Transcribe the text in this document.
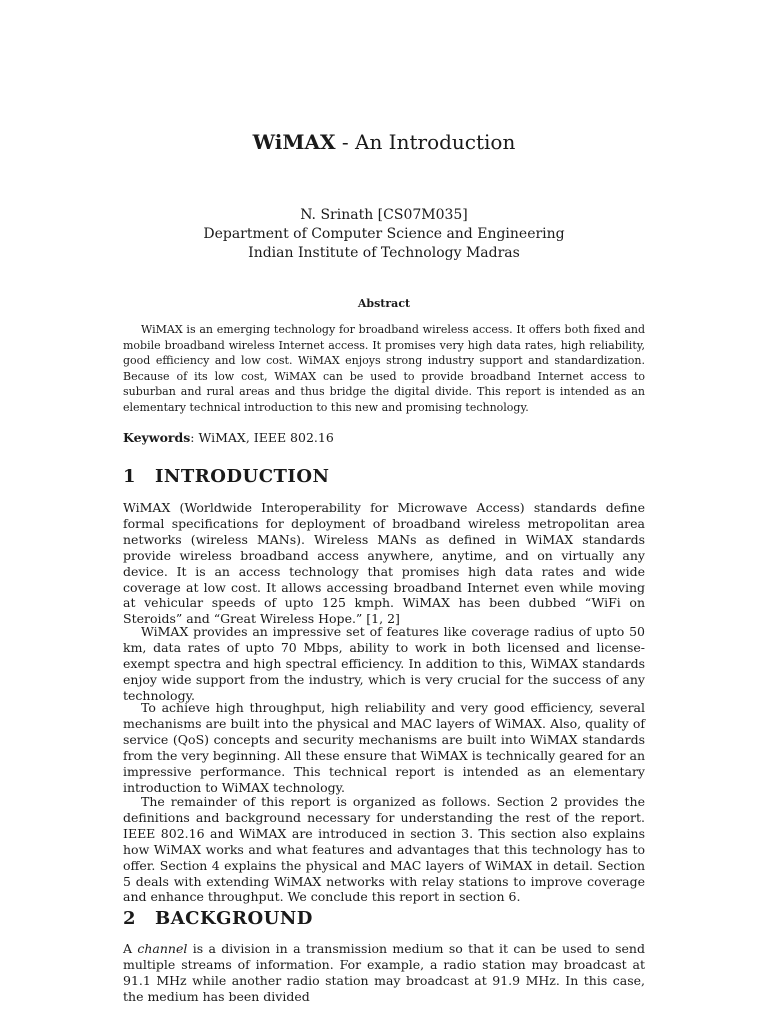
WiMAX - An Introduction
N. Srinath [CS07M035]
Department of Computer Science and Engineering
Indian Institute of Technology Madras
Abstract

WiMAX is an emerging technology for broadband wireless access. It offers both fixed and mobile broadband wireless Internet access. It promises very high data rates, high reliability, good efficiency and low cost. WiMAX enjoys strong industry support and standardization. Because of its low cost, WiMAX can be used to provide broadband Internet access to suburban and rural areas and thus bridge the digital divide. This report is intended as an elementary technical introduction to this new and promising technology.

Keywords: WiMAX, IEEE 802.16

1 INTRODUCTION

WiMAX (Worldwide Interoperability for Microwave Access) standards define formal specifications for deployment of broadband wireless metropolitan area networks (wireless MANs). Wireless MANs as defined in WiMAX standards provide wireless broadband access anywhere, anytime, and on virtually any device. It is an access technology that promises high data rates and wide coverage at low cost. It allows accessing broadband Internet even while moving at vehicular speeds of upto 125 kmph. WiMAX has been dubbed “WiFi on Steroids” and “Great Wireless Hope.” [1, 2]

WiMAX provides an impressive set of features like coverage radius of upto 50 km, data rates of upto 70 Mbps, ability to work in both licensed and license-exempt spectra and high spectral efficiency. In addition to this, WiMAX standards enjoy wide support from the industry, which is very crucial for the success of any technology.

To achieve high throughput, high reliability and very good efficiency, several mechanisms are built into the physical and MAC layers of WiMAX. Also, quality of service (QoS) concepts and security mechanisms are built into WiMAX standards from the very beginning. All these ensure that WiMAX is technically geared for an impressive performance. This technical report is intended as an elementary introduction to WiMAX technology.

The remainder of this report is organized as follows. Section 2 provides the definitions and background necessary for understanding the rest of the report. IEEE 802.16 and WiMAX are introduced in section 3. This section also explains how WiMAX works and what features and advantages that this technology has to offer. Section 4 explains the physical and MAC layers of WiMAX in detail. Section 5 deals with extending WiMAX networks with relay stations to improve coverage and enhance throughput. We conclude this report in section 6.

2 BACKGROUND

A channel is a division in a transmission medium so that it can be used to send multiple streams of information. For example, a radio station may broadcast at 91.1 MHz while another radio station may broadcast at 91.9 MHz. In this case, the medium has been divided
